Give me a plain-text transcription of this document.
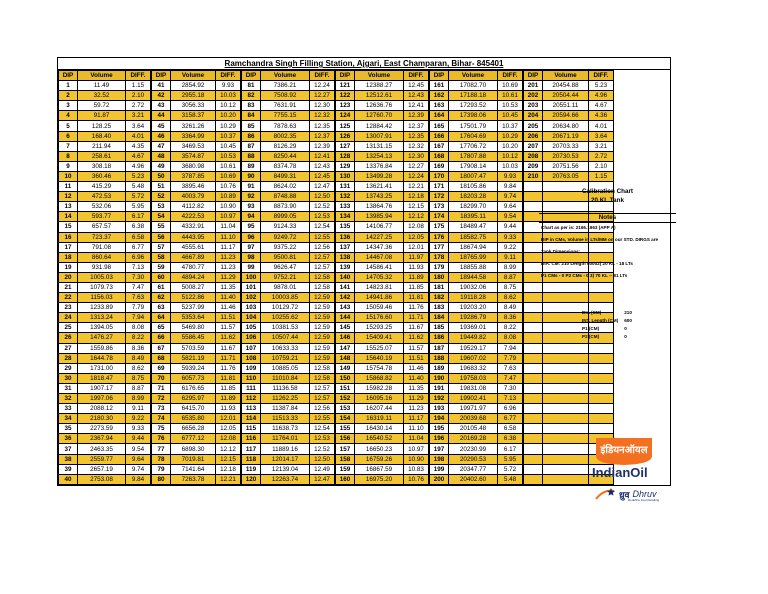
Ramchandra Singh Filling Station, Ajgari, East Champaran, Bihar- 845401
DIP	Volume	DIFF.
1	11.49	1.15
2	32.52	2.10
3	59.72	2.72
4	91.87	3.21
5	128.25	3.64
6	168.40	4.01
7	211.94	4.35
8	258.61	4.67
9	308.18	4.96
10	360.46	5.23
11	415.29	5.48
12	472.53	5.72
13	532.06	5.95
14	593.77	6.17
15	657.57	6.38
16	723.37	6.58
17	791.08	6.77
18	860.64	6.96
19	931.98	7.13
20	1005.03	7.30
21	1079.73	7.47
22	1156.03	7.63
23	1233.89	7.79
24	1313.24	7.94
25	1394.05	8.08
26	1476.27	8.22
27	1559.86	8.36
28	1644.78	8.49
29	1731.00	8.62
30	1818.47	8.75
31	1907.17	8.87
32	1997.06	8.99
33	2088.12	9.11
34	2180.30	9.22
35	2273.59	9.33
36	2367.94	9.44
37	2463.35	9.54
38	2559.77	9.64
39	2657.19	9.74
40	2753.08	9.84
DIP	Volume	DIFF.
41	2854.92	9.93
42	2955.18	10.03
43	3056.33	10.12
44	3158.37	10.20
45	3261.26	10.29
46	3364.99	10.37
47	3469.53	10.45
48	3574.87	10.53
49	3680.98	10.61
50	3787.85	10.69
51	3895.46	10.76
52	4003.79	10.89
53	4112.82	10.90
54	4222.53	10.97
55	4332.91	11.04
56	4443.95	11.10
57	4555.61	11.17
58	4667.89	11.23
59	4780.77	11.23
60	4894.24	11.29
61	5008.27	11.35
62	5122.86	11.40
63	5237.99	11.46
64	5353.64	11.51
65	5469.80	11.57
66	5586.45	11.62
67	5703.59	11.67
68	5821.19	11.71
69	5939.24	11.76
70	6057.73	11.81
71	6176.65	11.85
72	6295.97	11.89
73	6415.70	11.93
74	6535.80	12.01
75	6656.28	12.05
76	6777.12	12.08
77	6898.30	12.12
78	7019.81	12.15
79	7141.64	12.18
80	7263.78	12.21
DIP	Volume	DIFF.
81	7386.21	12.24
82	7508.92	12.27
83	7631.91	12.30
84	7755.15	12.32
85	7878.63	12.35
86	8002.35	12.37
87	8126.29	12.39
88	8250.44	12.41
89	8374.78	12.43
90	8499.31	12.45
91	8624.02	12.47
92	8748.88	12.50
93	8873.90	12.52
94	8999.05	12.53
95	9124.33	12.54
96	9249.72	12.55
97	9375.22	12.56
98	9500.81	12.57
99	9626.47	12.57
100	9752.21	12.58
101	9878.01	12.58
102	10003.85	12.59
103	10129.72	12.59
104	10255.62	12.59
105	10381.53	12.59
106	10507.44	12.59
107	10633.33	12.59
108	10759.21	12.59
109	10885.05	12.58
110	11010.84	12.58
111	11136.58	12.57
112	11262.25	12.57
113	11387.84	12.56
114	11513.33	12.55
115	11638.73	12.54
116	11764.01	12.53
117	11889.16	12.52
118	12014.17	12.50
119	12139.04	12.49
120	12263.74	12.47
DIP	Volume	DIFF.
121	12388.27	12.45
122	12512.61	12.43
123	12636.76	12.41
124	12760.70	12.39
125	12884.42	12.37
126	13007.91	12.35
127	13131.15	12.32
128	13254.13	12.30
129	13376.84	12.27
130	13499.28	12.24
131	13621.41	12.21
132	13743.25	12.18
133	13864.76	12.15
134	13985.94	12.12
135	14106.77	12.08
136	14227.25	12.05
137	14347.36	12.01
138	14467.08	11.97
139	14586.41	11.93
140	14705.32	11.89
141	14823.81	11.85
142	14941.86	11.81
143	15059.46	11.76
144	15176.60	11.71
145	15293.25	11.67
146	15409.41	11.62
147	15525.07	11.57
148	15640.19	11.51
149	15754.78	11.46
150	15868.82	11.40
151	15982.28	11.35
152	16095.16	11.29
153	16207.44	11.23
154	16319.11	11.17
155	16430.14	11.10
156	16540.52	11.04
157	16650.23	10.97
158	16759.26	10.90
159	16867.59	10.83
160	16975.20	10.76
DIP	Volume	DIFF.
161	17082.70	10.69
162	17188.18	10.61
163	17293.52	10.53
164	17398.06	10.45
165	17501.79	10.37
166	17604.69	10.29
167	17706.72	10.20
168	17807.88	10.12
169	17908.14	10.03
170	18007.47	9.93
171	18105.86	9.84
172	18203.28	9.74
173	18299.70	9.64
174	18395.11	9.54
175	18489.47	9.44
176	18582.75	9.33
177	18674.94	9.22
178	18765.99	9.11
179	18855.88	8.99
180	18944.58	8.87
181	19032.06	8.75
182	19118.28	8.62
183	19203.20	8.49
184	19286.79	8.36
185	19369.01	8.22
186	19449.82	8.08
187	19529.17	7.94
188	19607.02	7.79
189	19683.32	7.63
190	19758.03	7.47
191	19831.08	7.30
192	19902.41	7.13
193	19971.97	6.96
194	20039.68	6.77
195	20105.48	6.58
196	20169.28	6.38
197	20230.99	6.17
198	20290.53	5.95
199	20347.77	5.72
200	20402.60	5.48
DIP	Volume	DIFF.
201	20454.88	5.23
202	20504.44	4.96
203	20551.11	4.67
204	20594.66	4.36
205	20634.80	4.01
206	20671.19	3.64
207	20703.33	3.21
208	20730.53	2.72
209	20751.56	2.10
210	20763.05	1.15

Calibration Chart
20 KL Tank
Notes
Chart as per is: 2166.1963 (APP A)
DIP in CMs, Volume in LTs/MM on our STD. DIRGS are
Tank Dimensions:
DIA. CM: 210 Length 60002) 20 KL - 18 LTs
P1 CMs - 0 P2 CMs - 0 3) 70 KL -- 81 LTs
DIA (CM)	210
INT. Length (CM)	600
P1 (CM)	0
P2 (CM)	0
इंडियनऑयल
IndianOil
ध्रुव Dhruv
Redefine Fuel Retailing
